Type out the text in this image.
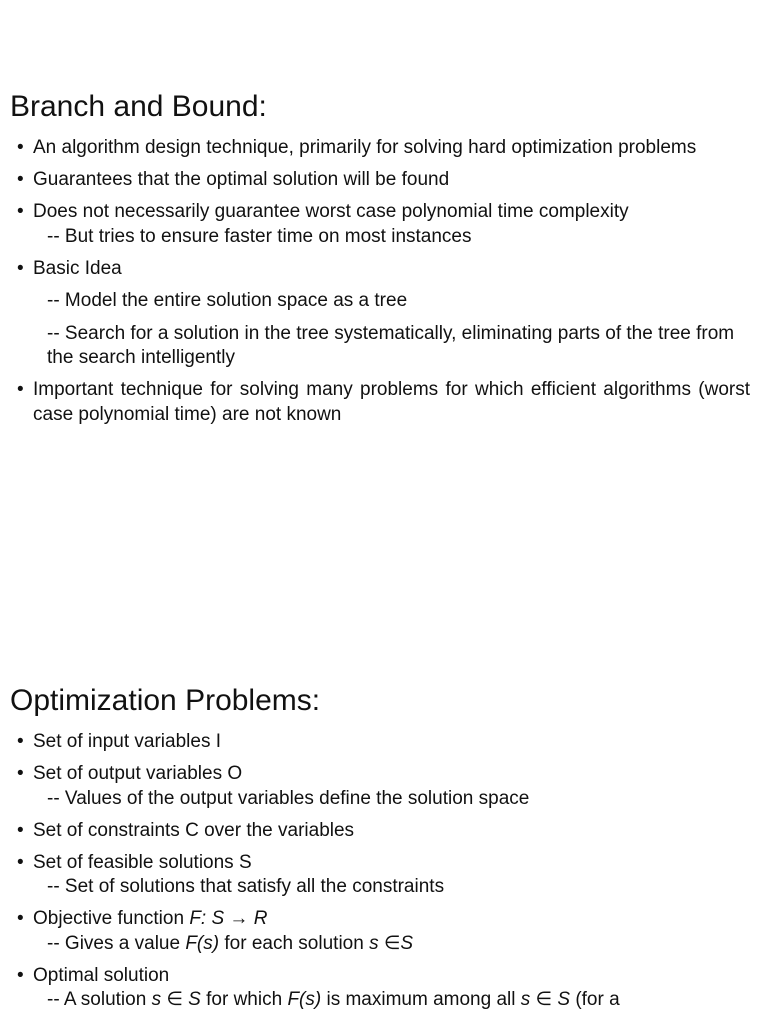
Branch and Bound:
• An algorithm design technique, primarily for solving hard optimization problems
• Guarantees that the optimal solution will be found
• Does not necessarily guarantee worst case polynomial time complexity
-- But tries to ensure faster time on most instances
• Basic Idea
-- Model the entire solution space as a tree
-- Search for a solution in the tree systematically, eliminating parts of the tree from the search intelligently
• Important technique for solving many problems for which efficient algorithms (worst case polynomial time) are not known
Optimization Problems:
• Set of input variables I
• Set of output variables O
-- Values of the output variables define the solution space
• Set of constraints C over the variables
• Set of feasible solutions S
-- Set of solutions that satisfy all the constraints
• Objective function F: S → R
-- Gives a value F(s) for each solution s ∈S
• Optimal solution
-- A solution s ∈ S for which F(s) is maximum among all s ∈ S (for a
